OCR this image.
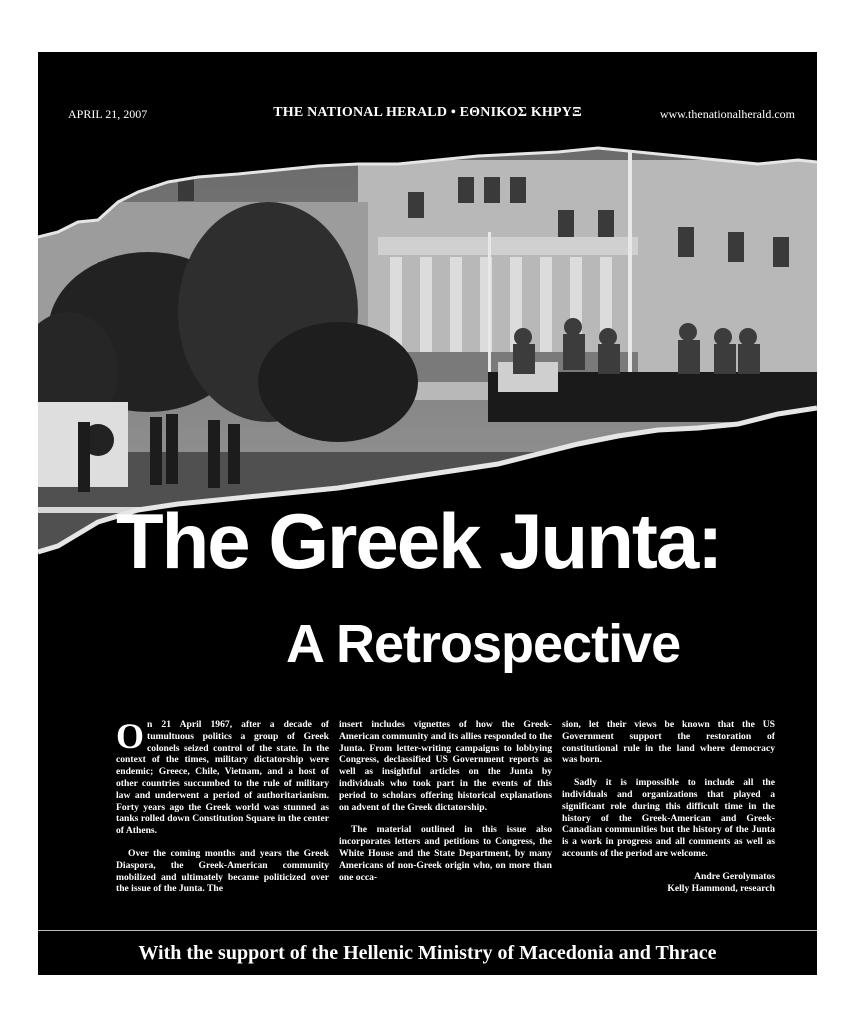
APRIL 21, 2007	THE NATIONAL HERALD • ΕΘΝΙΚΟΣ ΚΗΡΥΞ	www.thenationalherald.com
The Greek Junta:
A Retrospective

On 21 April 1967, after a decade of tumultuous politics a group of Greek colonels seized control of the state. In the context of the times, military dictatorship were endemic; Greece, Chile, Vietnam, and a host of other countries succumbed to the rule of military law and underwent a period of authoritarianism. Forty years ago the Greek world was stunned as tanks rolled down Constitution Square in the center of Athens.

Over the coming months and years the Greek Diaspora, the Greek-American community mobilized and ultimately became politicized over the issue of the Junta. The

insert includes vignettes of how the Greek-American community and its allies responded to the Junta. From letter-writing campaigns to lobbying Congress, declassified US Government reports as well as insightful articles on the Junta by individuals who took part in the events of this period to scholars offering historical explanations on advent of the Greek dictatorship.

The material outlined in this issue also incorporates letters and petitions to Congress, the White House and the State Department, by many Americans of non-Greek origin who, on more than one occa-

sion, let their views be known that the US Government support the restoration of constitutional rule in the land where democracy was born.

Sadly it is impossible to include all the individuals and organizations that played a significant role during this difficult time in the history of the Greek-American and Greek-Canadian communities but the history of the Junta is a work in progress and all comments as well as accounts of the period are welcome.

Andre Gerolymatos
Kelly Hammond, research
With the support of the Hellenic Ministry of Macedonia and Thrace
